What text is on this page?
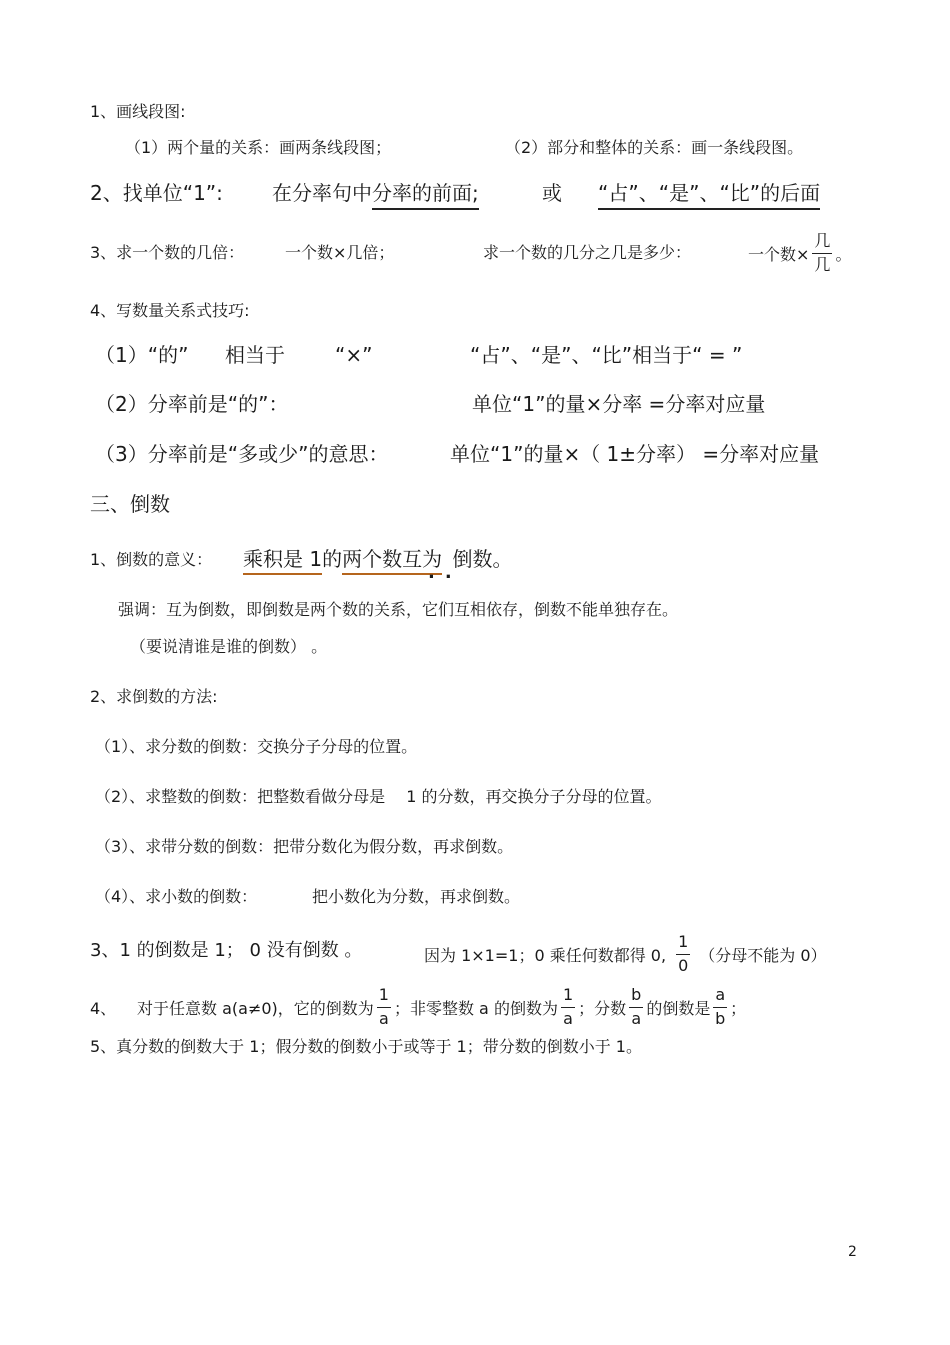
1、画线段图:
（1）两个量的关系：画两条线段图；	（2）部分和整体的关系：画一条线段图。
2、找单位“1”: 在分率句中分率的前面;	或 “占”、“是”、“比”的后面
3、求一个数的几倍：	一个数×几倍；	求一个数的几分之几是多少：	一个数× $\frac{\text{几}}{\text{几}}$ 。
4、写数量关系式技巧:
（1）“的” 相当于	“×”	“占”、“是”、“比”相当于“ = ”
（2）分率前是“的”：	单位“1”的量×分率 =分率对应量
（3）分率前是“多或少”的意思：	单位“1”的量×（ 1±分率） =分率对应量
三、倒数
1、倒数的意义： 乘积是 1的两个数互为 倒数。
..
强调：互为倒数，即倒数是两个数的关系，它们互相依存，倒数不能单独存在。
（要说清谁是谁的倒数） 。
2、求倒数的方法:
（1）、求分数的倒数：交换分子分母的位置。
（2）、求整数的倒数：把整数看做分母是 　1 的分数，再交换分子分母的位置。
（3）、求带分数的倒数：把带分数化为假分数，再求倒数。
（4）、求小数的倒数：	把小数化为分数，再求倒数。
3、1 的倒数是 1； 0 没有倒数 。	因为 1×1=1；0 乘任何数都得 0, $\frac{1}{0}$ （分母不能为 0）
4、	对于任意数 a(a≠0)，它的倒数为 $\frac{1}{a}$ ；非零整数 a 的倒数为 $\frac{1}{a}$ ；分数 $\frac{b}{a}$ 的倒数是 $\frac{a}{b}$ ；
5、真分数的倒数大于 1；假分数的倒数小于或等于 1；带分数的倒数小于 1。
2
